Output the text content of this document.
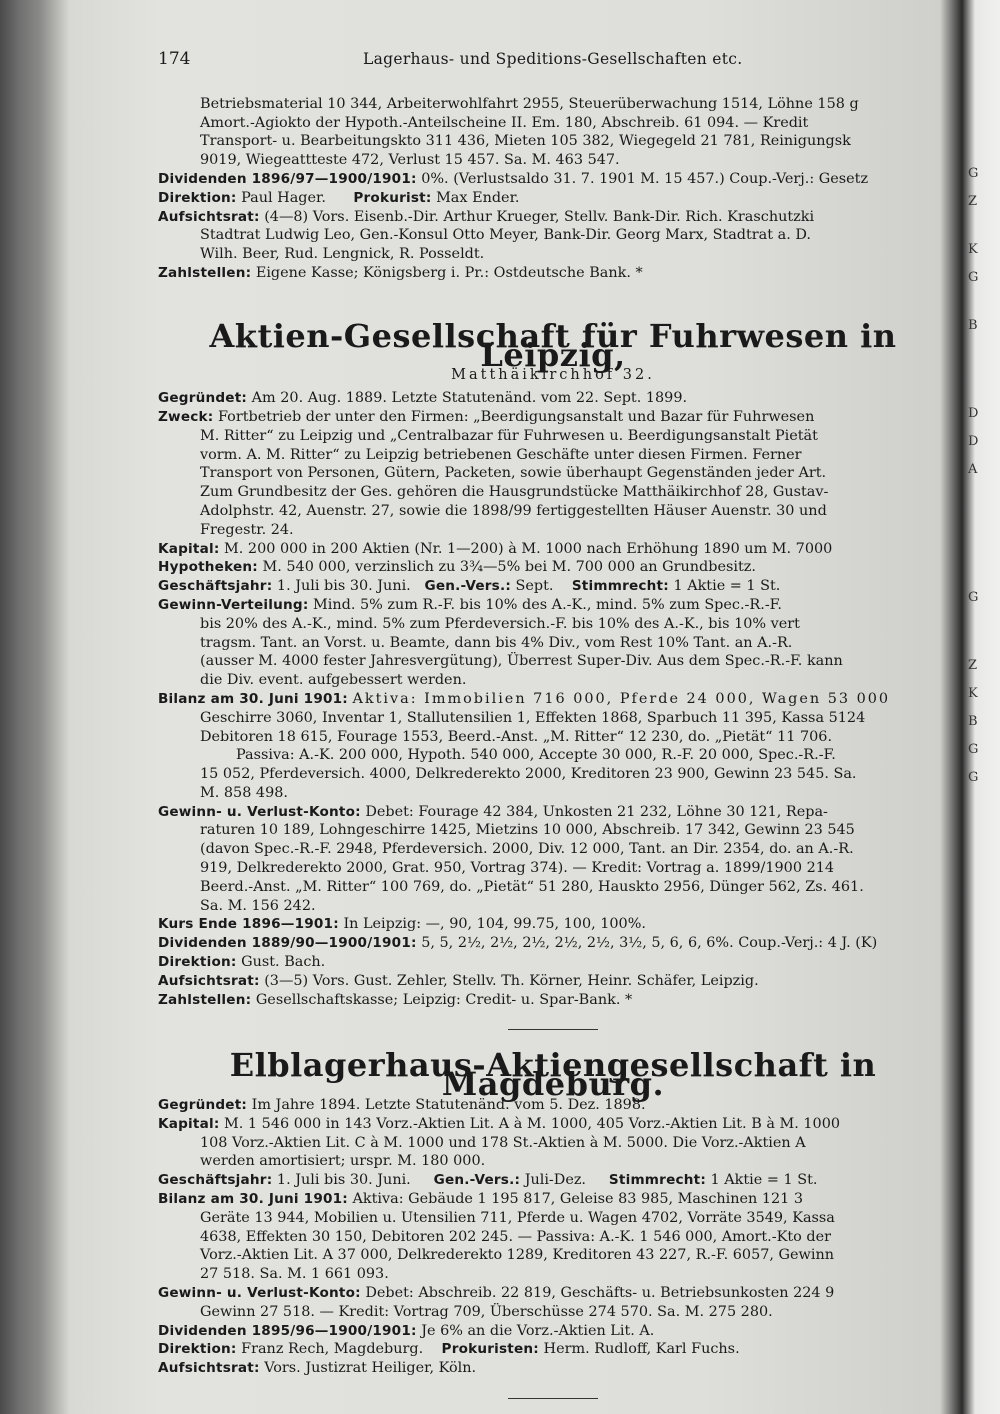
G
Z
K
G
B
D
D
A
G
Z
K
B
G
G
174	Lagerhaus- und Speditions-Gesellschaften etc.
Betriebsmaterial 10 344, Arbeiterwohlfahrt 2955, Steuerüberwachung 1514, Löhne 158 g
Amort.-Agiokto der Hypoth.-Anteilscheine II. Em. 180, Abschreib. 61 094. — Kredit
Transport- u. Bearbeitungskto 311 436, Mieten 105 382, Wiegegeld 21 781, Reinigungsk
9019, Wiegeattteste 472, Verlust 15 457. Sa. M. 463 547.
Dividenden 1896/97—1900/1901: 0%. (Verlustsaldo 31. 7. 1901 M. 15 457.) Coup.-Verj.: Gesetz
Direktion: Paul Hager. Prokurist: Max Ender.
Aufsichtsrat: (4—8) Vors. Eisenb.-Dir. Arthur Krueger, Stellv. Bank-Dir. Rich. Kraschutzki
Stadtrat Ludwig Leo, Gen.-Konsul Otto Meyer, Bank-Dir. Georg Marx, Stadtrat a. D.
Wilh. Beer, Rud. Lengnick, R. Posseldt.
Zahlstellen: Eigene Kasse; Königsberg i. Pr.: Ostdeutsche Bank. *
Aktien-Gesellschaft für Fuhrwesen in Leipzig,
Matthäikirchhof 32.
Gegründet: Am 20. Aug. 1889. Letzte Statutenänd. vom 22. Sept. 1899.
Zweck: Fortbetrieb der unter den Firmen: „Beerdigungsanstalt und Bazar für Fuhrwesen
M. Ritter“ zu Leipzig und „Centralbazar für Fuhrwesen u. Beerdigungsanstalt Pietät
vorm. A. M. Ritter“ zu Leipzig betriebenen Geschäfte unter diesen Firmen. Ferner
Transport von Personen, Gütern, Packeten, sowie überhaupt Gegenständen jeder Art.
Zum Grundbesitz der Ges. gehören die Hausgrundstücke Matthäikirchhof 28, Gustav-
Adolphstr. 42, Auenstr. 27, sowie die 1898/99 fertiggestellten Häuser Auenstr. 30 und
Fregestr. 24.
Kapital: M. 200 000 in 200 Aktien (Nr. 1—200) à M. 1000 nach Erhöhung 1890 um M. 7000
Hypotheken: M. 540 000, verzinslich zu 3¾—5% bei M. 700 000 an Grundbesitz.
Geschäftsjahr: 1. Juli bis 30. Juni. Gen.-Vers.: Sept. Stimmrecht: 1 Aktie = 1 St.
Gewinn-Verteilung: Mind. 5% zum R.-F. bis 10% des A.-K., mind. 5% zum Spec.-R.-F.
bis 20% des A.-K., mind. 5% zum Pferdeversich.-F. bis 10% des A.-K., bis 10% vert
tragsm. Tant. an Vorst. u. Beamte, dann bis 4% Div., vom Rest 10% Tant. an A.-R.
(ausser M. 4000 fester Jahresvergütung), Überrest Super-Div. Aus dem Spec.-R.-F. kann
die Div. event. aufgebessert werden.
Bilanz am 30. Juni 1901: Aktiva: Immobilien 716 000, Pferde 24 000, Wagen 53 000
Geschirre 3060, Inventar 1, Stallutensilien 1, Effekten 1868, Sparbuch 11 395, Kassa 5124
Debitoren 18 615, Fourage 1553, Beerd.-Anst. „M. Ritter“ 12 230, do. „Pietät“ 11 706.
Passiva: A.-K. 200 000, Hypoth. 540 000, Accepte 30 000, R.-F. 20 000, Spec.-R.-F.
15 052, Pferdeversich. 4000, Delkrederekto 2000, Kreditoren 23 900, Gewinn 23 545. Sa.
M. 858 498.
Gewinn- u. Verlust-Konto: Debet: Fourage 42 384, Unkosten 21 232, Löhne 30 121, Repa-
raturen 10 189, Lohngeschirre 1425, Mietzins 10 000, Abschreib. 17 342, Gewinn 23 545
(davon Spec.-R.-F. 2948, Pferdeversich. 2000, Div. 12 000, Tant. an Dir. 2354, do. an A.-R.
919, Delkrederekto 2000, Grat. 950, Vortrag 374). — Kredit: Vortrag a. 1899/1900 214
Beerd.-Anst. „M. Ritter“ 100 769, do. „Pietät“ 51 280, Hauskto 2956, Dünger 562, Zs. 461.
Sa. M. 156 242.
Kurs Ende 1896—1901: In Leipzig: —, 90, 104, 99.75, 100, 100%.
Dividenden 1889/90—1900/1901: 5, 5, 2½, 2½, 2½, 2½, 2½, 3½, 5, 6, 6, 6%. Coup.-Verj.: 4 J. (K)
Direktion: Gust. Bach.
Aufsichtsrat: (3—5) Vors. Gust. Zehler, Stellv. Th. Körner, Heinr. Schäfer, Leipzig.
Zahlstellen: Gesellschaftskasse; Leipzig: Credit- u. Spar-Bank. *
Elblagerhaus-Aktiengesellschaft in Magdeburg.
Gegründet: Im Jahre 1894. Letzte Statutenänd. vom 5. Dez. 1898.
Kapital: M. 1 546 000 in 143 Vorz.-Aktien Lit. A à M. 1000, 405 Vorz.-Aktien Lit. B à M. 1000
108 Vorz.-Aktien Lit. C à M. 1000 und 178 St.-Aktien à M. 5000. Die Vorz.-Aktien A
werden amortisiert; urspr. M. 180 000.
Geschäftsjahr: 1. Juli bis 30. Juni. Gen.-Vers.: Juli-Dez. Stimmrecht: 1 Aktie = 1 St.
Bilanz am 30. Juni 1901: Aktiva: Gebäude 1 195 817, Geleise 83 985, Maschinen 121 3
Geräte 13 944, Mobilien u. Utensilien 711, Pferde u. Wagen 4702, Vorräte 3549, Kassa
4638, Effekten 30 150, Debitoren 202 245. — Passiva: A.-K. 1 546 000, Amort.-Kto der
Vorz.-Aktien Lit. A 37 000, Delkrederekto 1289, Kreditoren 43 227, R.-F. 6057, Gewinn
27 518. Sa. M. 1 661 093.
Gewinn- u. Verlust-Konto: Debet: Abschreib. 22 819, Geschäfts- u. Betriebsunkosten 224 9
Gewinn 27 518. — Kredit: Vortrag 709, Überschüsse 274 570. Sa. M. 275 280.
Dividenden 1895/96—1900/1901: Je 6% an die Vorz.-Aktien Lit. A.
Direktion: Franz Rech, Magdeburg. Prokuristen: Herm. Rudloff, Karl Fuchs.
Aufsichtsrat: Vors. Justizrat Heiliger, Köln.
